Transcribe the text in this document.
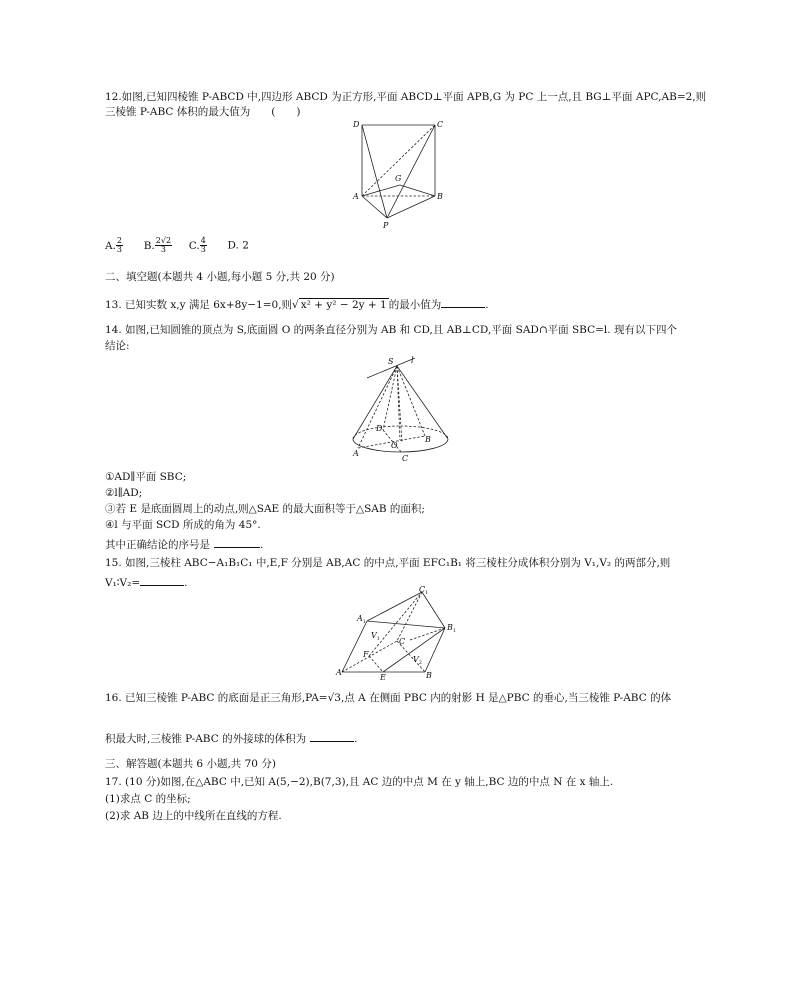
12.如图,已知四棱锥 P-ABCD 中,四边形 ABCD 为正方形,平面 ABCD⊥平面 APB,G 为 PC 上一点,且 BG⊥平面 APC,AB=2,则
三棱锥 P-ABC 体积的最大值为　　(　　)
D	C
G
A	B
P
A. $\frac{2}{3} B$. $\frac{2√2}{3} C$. $\frac{4}{3} D$. 2
二、填空题(本题共 4 小题,每小题 5 分,共 20 分)
13. 已知实数 x,y 满足 6x+8y−1=0,则√ x² + y² − 2y + 1 的最小值为	.
14. 如图,已知圆锥的顶点为 S,底面圆 O 的两条直径分别为 AB 和 CD,且 AB⊥CD,平面 SAD∩平面 SBC=l. 现有以下四个
结论:
S l
D
O
B
A
C
①AD∥平面 SBC;
②l∥AD;
③若 E 是底面圆周上的动点,则△SAE 的最大面积等于△SAB 的面积;
④l 与平面 SCD 所成的角为 45°.
其中正确结论的序号是	.
15. 如图,三棱柱 ABC−A₁B₁C₁ 中,E,F 分别是 AB,AC 的中点,平面 EFC₁B₁ 将三棱柱分成体积分别为 V₁,V₂ 的两部分,则
V₁∶V₂=	.
$C_1$
$A_1$
$B_1$
$V_1$ C
F
$V_2$
A
E	B
16. 已知三棱锥 P-ABC 的底面是正三角形,PA=√3,点 A 在侧面 PBC 内的射影 H 是△PBC 的垂心,当三棱锥 P-ABC 的体
积最大时,三棱锥 P-ABC 的外接球的体积为	.
三、解答题(本题共 6 小题,共 70 分)
17. (10 分)如图,在△ABC 中,已知 A(5,−2),B(7,3),且 AC 边的中点 M 在 y 轴上,BC 边的中点 N 在 x 轴上.
(1)求点 C 的坐标;
(2)求 AB 边上的中线所在直线的方程.
